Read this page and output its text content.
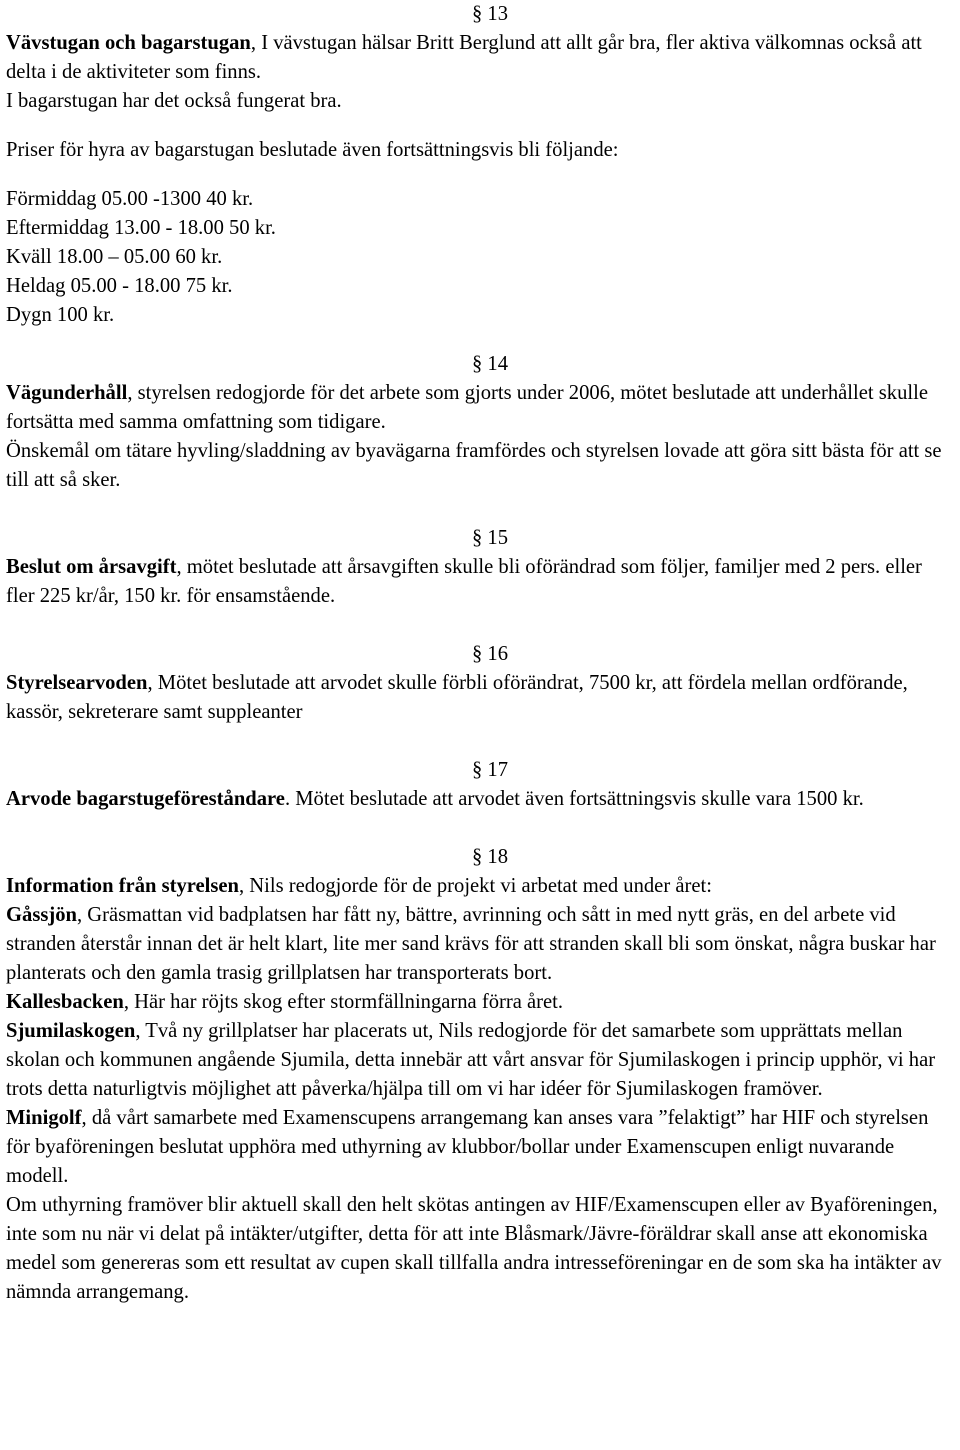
§ 13

Vävstugan och bagarstugan, I vävstugan hälsar Britt Berglund att allt går bra, fler aktiva välkomnas också att delta i de aktiviteter som finns.

I bagarstugan har det också fungerat bra.

Priser för hyra av bagarstugan beslutade även fortsättningsvis bli följande:

Förmiddag 05.00 -1300 40 kr.

Eftermiddag 13.00 - 18.00 50 kr.

Kväll 18.00 – 05.00 60 kr.

Heldag 05.00 - 18.00 75 kr.

Dygn 100 kr.

§ 14

Vägunderhåll, styrelsen redogjorde för det arbete som gjorts under 2006, mötet beslutade att underhållet skulle fortsätta med samma omfattning som tidigare.

Önskemål om tätare hyvling/sladdning av byavägarna framfördes och styrelsen lovade att göra sitt bästa för att se till att så sker.

§ 15

Beslut om årsavgift, mötet beslutade att årsavgiften skulle bli oförändrad som följer, familjer med 2 pers. eller fler 225 kr/år, 150 kr. för ensamstående.

§ 16

Styrelsearvoden, Mötet beslutade att arvodet skulle förbli oförändrat, 7500 kr, att fördela mellan ordförande, kassör, sekreterare samt suppleanter

§ 17

Arvode bagarstugeföreståndare. Mötet beslutade att arvodet även fortsättningsvis skulle vara 1500 kr.

§ 18

Information från styrelsen, Nils redogjorde för de projekt vi arbetat med under året:

Gåssjön, Gräsmattan vid badplatsen har fått ny, bättre, avrinning och sått in med nytt gräs, en del arbete vid stranden återstår innan det är helt klart, lite mer sand krävs för att stranden skall bli som önskat, några buskar har planterats och den gamla trasig grillplatsen har transporterats bort.

Kallesbacken, Här har röjts skog efter stormfällningarna förra året.

Sjumilaskogen, Två ny grillplatser har placerats ut, Nils redogjorde för det samarbete som upprättats mellan skolan och kommunen angående Sjumila, detta innebär att vårt ansvar för Sjumilaskogen i princip upphör, vi har trots detta naturligtvis möjlighet att påverka/hjälpa till om vi har idéer för Sjumilaskogen framöver.

Minigolf, då vårt samarbete med Examenscupens arrangemang kan anses vara ”felaktigt” har HIF och styrelsen för byaföreningen beslutat upphöra med uthyrning av klubbor/bollar under Examenscupen enligt nuvarande modell.

Om uthyrning framöver blir aktuell skall den helt skötas antingen av HIF/Examenscupen eller av Byaföreningen, inte som nu när vi delat på intäkter/utgifter, detta för att inte Blåsmark/Jävre-föräldrar skall anse att ekonomiska medel som genereras som ett resultat av cupen skall tillfalla andra intresseföreningar en de som ska ha intäkter av nämnda arrangemang.
